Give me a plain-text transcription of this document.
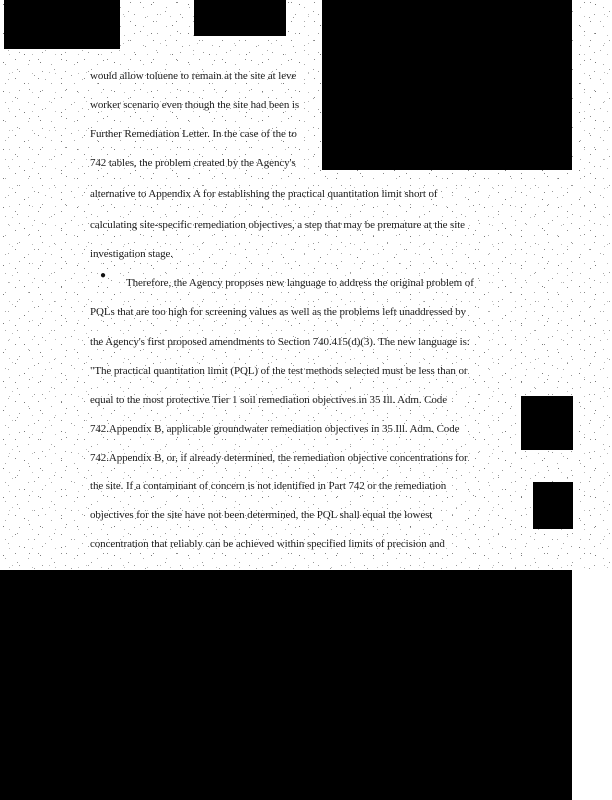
would allow toluene to remain at the site at leve
worker scenario even though the site had been is
Further Remediation Letter. In the case of the to
742 tables, the problem created by the Agency's
alternative to Appendix A for establishing the practical quantitation limit short of
calculating site-specific remediation objectives, a step that may be premature at the site
investigation stage.
●
Therefore, the Agency proposes new language to address the original problem of
PQLs that are too high for screening values as well as the problems left unaddressed by
the Agency's first proposed amendments to Section 740.415(d)(3). The new language is:
"The practical quantitation limit (PQL) of the test methods selected must be less than or
equal to the most protective Tier 1 soil remediation objectives in 35 Ill. Adm. Code
742.Appendix B, applicable groundwater remediation objectives in 35 Ill. Adm. Code
742.Appendix B, or, if already determined, the remediation objective concentrations for
the site. If a contaminant of concern is not identified in Part 742 or the remediation
objectives for the site have not been determined, the PQL shall equal the lowest
concentration that reliably can be achieved within specified limits of precision and
